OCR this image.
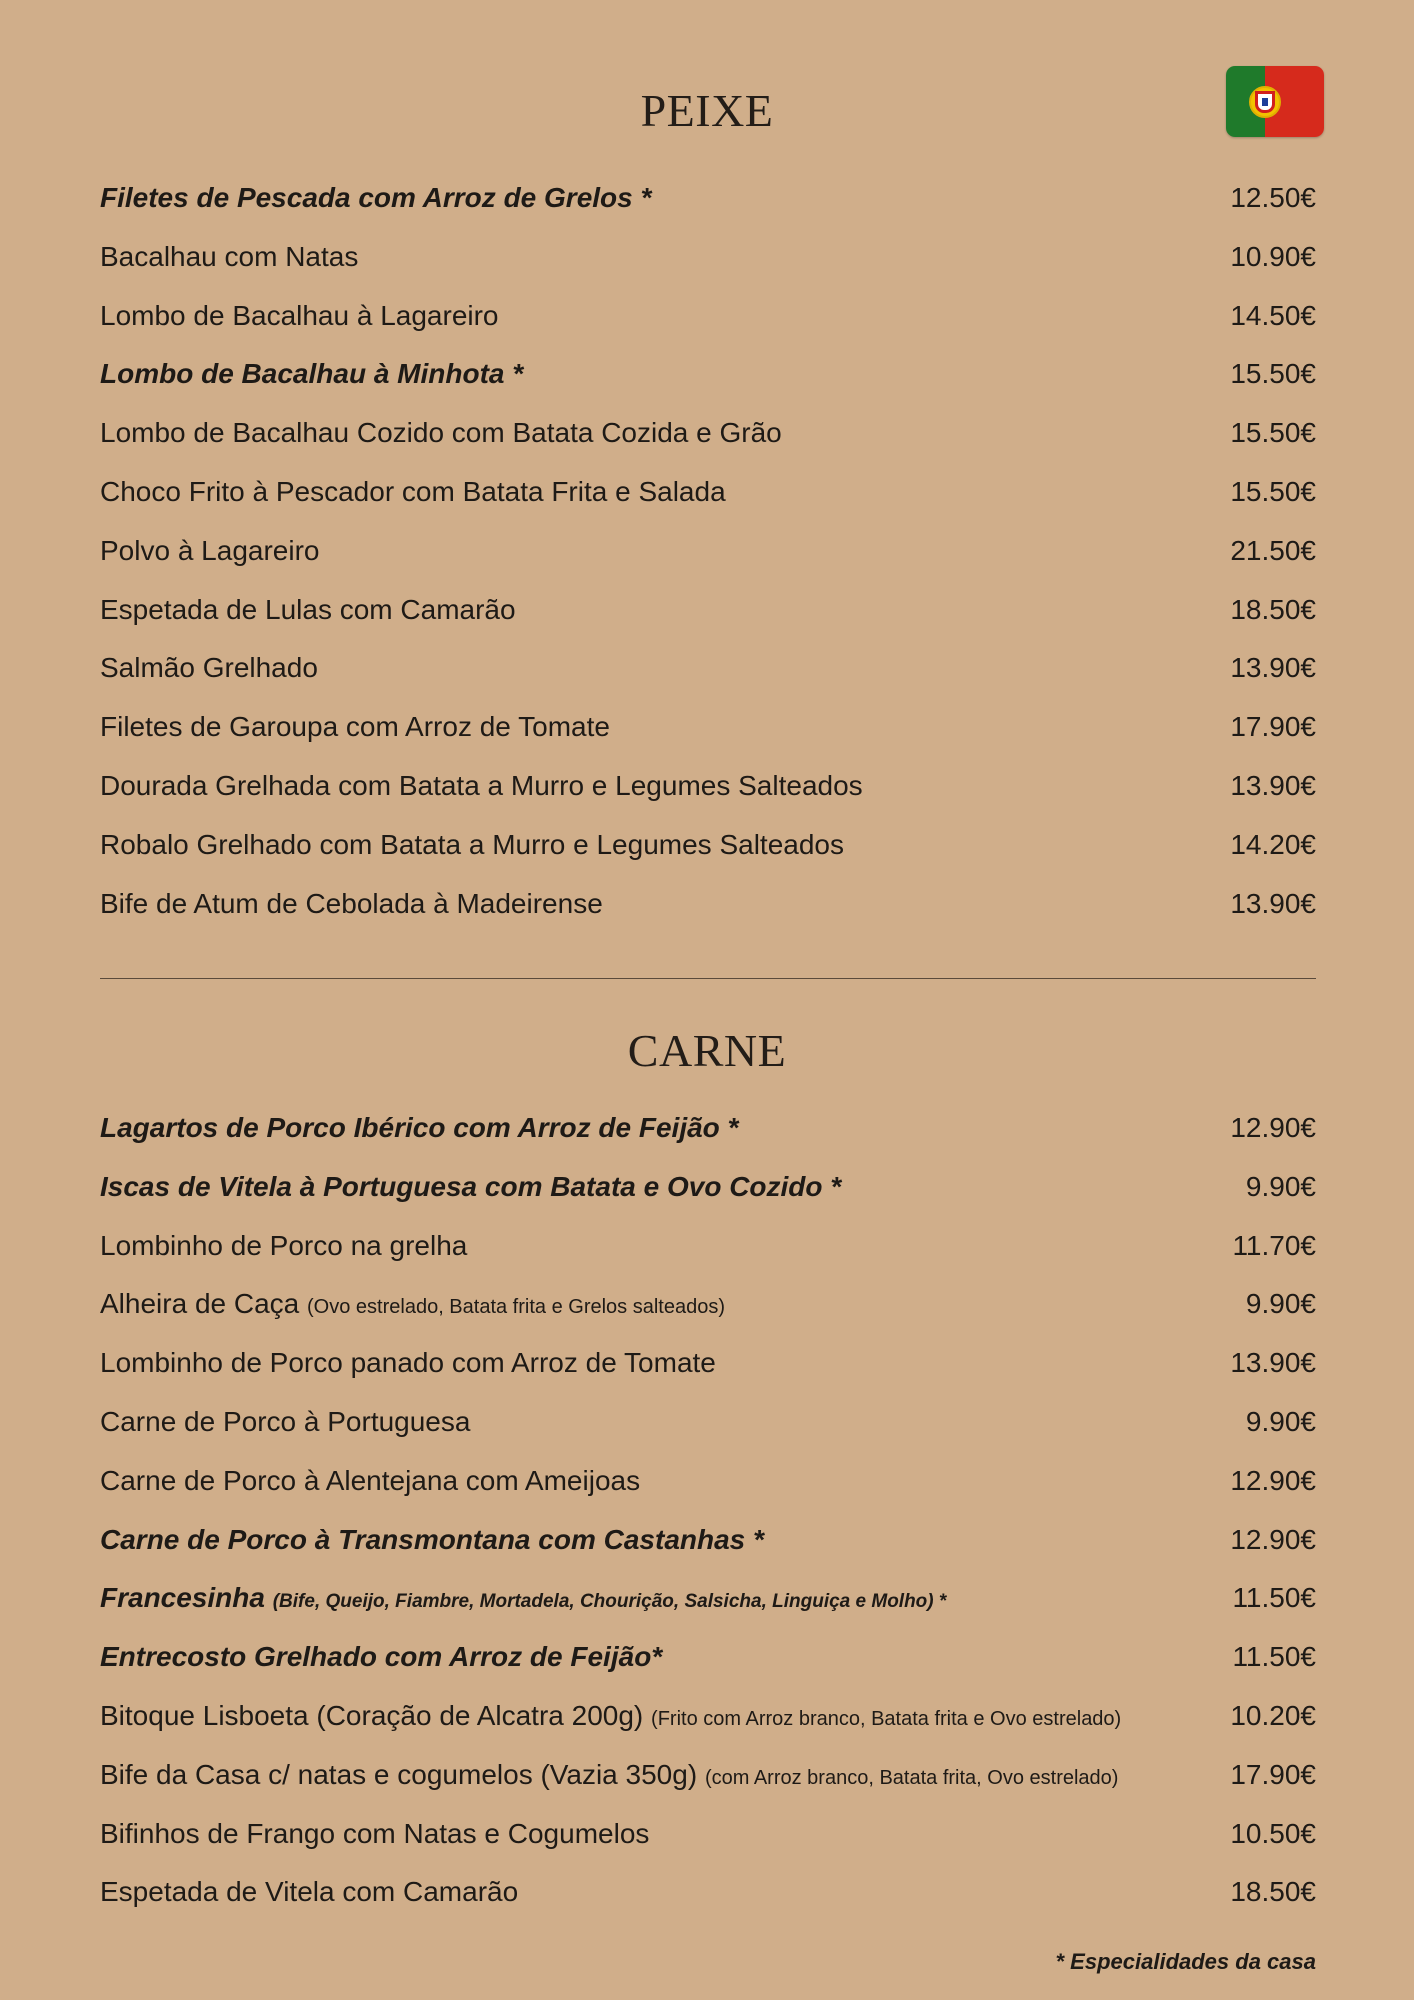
PEIXE
Filetes de Pescada com Arroz de Grelos *	12.50€
Bacalhau com Natas	10.90€
Lombo de Bacalhau à Lagareiro	14.50€
Lombo de Bacalhau à Minhota *	15.50€
Lombo de Bacalhau Cozido com Batata Cozida e Grão	15.50€
Choco Frito à Pescador com Batata Frita e Salada	15.50€
Polvo à Lagareiro	21.50€
Espetada de Lulas com Camarão	18.50€
Salmão Grelhado	13.90€
Filetes de Garoupa com Arroz de Tomate	17.90€
Dourada Grelhada com Batata a Murro e Legumes Salteados	13.90€
Robalo Grelhado com Batata a Murro e Legumes Salteados	14.20€
Bife de Atum de Cebolada à Madeirense	13.90€
CARNE
Lagartos de Porco Ibérico com Arroz de Feijão *	12.90€
Iscas de Vitela à Portuguesa com Batata e Ovo Cozido *	9.90€
Lombinho de Porco na grelha	11.70€
Alheira de Caça (Ovo estrelado, Batata frita e Grelos salteados)	9.90€
Lombinho de Porco panado com Arroz de Tomate	13.90€
Carne de Porco à Portuguesa	9.90€
Carne de Porco à Alentejana com Ameijoas	12.90€
Carne de Porco à Transmontana com Castanhas *	12.90€
Francesinha (Bife, Queijo, Fiambre, Mortadela, Chourição, Salsicha, Linguiça e Molho) *	11.50€
Entrecosto Grelhado com Arroz de Feijão*	11.50€
Bitoque Lisboeta (Coração de Alcatra 200g) (Frito com Arroz branco, Batata frita e Ovo estrelado)	10.20€
Bife da Casa c/ natas e cogumelos (Vazia 350g) (com Arroz branco, Batata frita, Ovo estrelado)	17.90€
Bifinhos de Frango com Natas e Cogumelos	10.50€
Espetada de Vitela com Camarão	18.50€
* Especialidades da casa
